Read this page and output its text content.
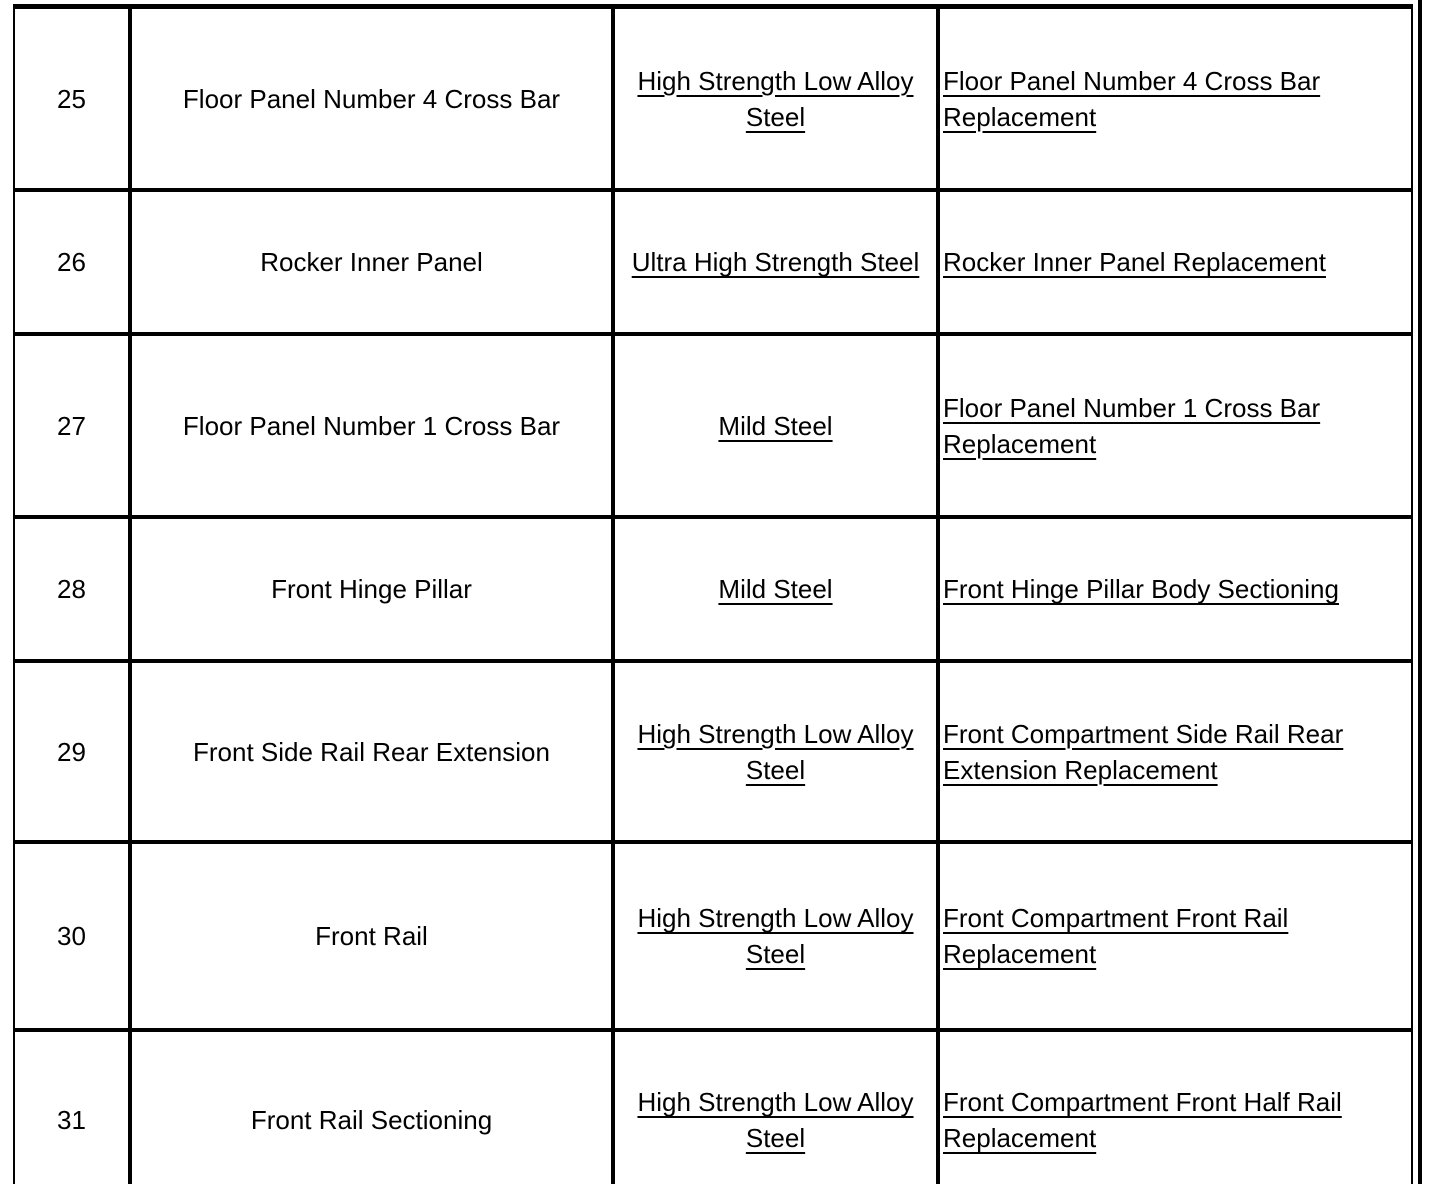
25	Floor Panel Number 4 Cross Bar	High Strength Low Alloy Steel	Floor Panel Number 4 Cross Bar Replacement
26	Rocker Inner Panel	Ultra High Strength Steel	Rocker Inner Panel Replacement
27	Floor Panel Number 1 Cross Bar	Mild Steel	Floor Panel Number 1 Cross Bar Replacement
28	Front Hinge Pillar	Mild Steel	Front Hinge Pillar Body Sectioning
29	Front Side Rail Rear Extension	High Strength Low Alloy Steel	Front Compartment Side Rail Rear Extension Replacement
30	Front Rail	High Strength Low Alloy Steel	Front Compartment Front Rail Replacement
31	Front Rail Sectioning	High Strength Low Alloy Steel	Front Compartment Front Half Rail Replacement
